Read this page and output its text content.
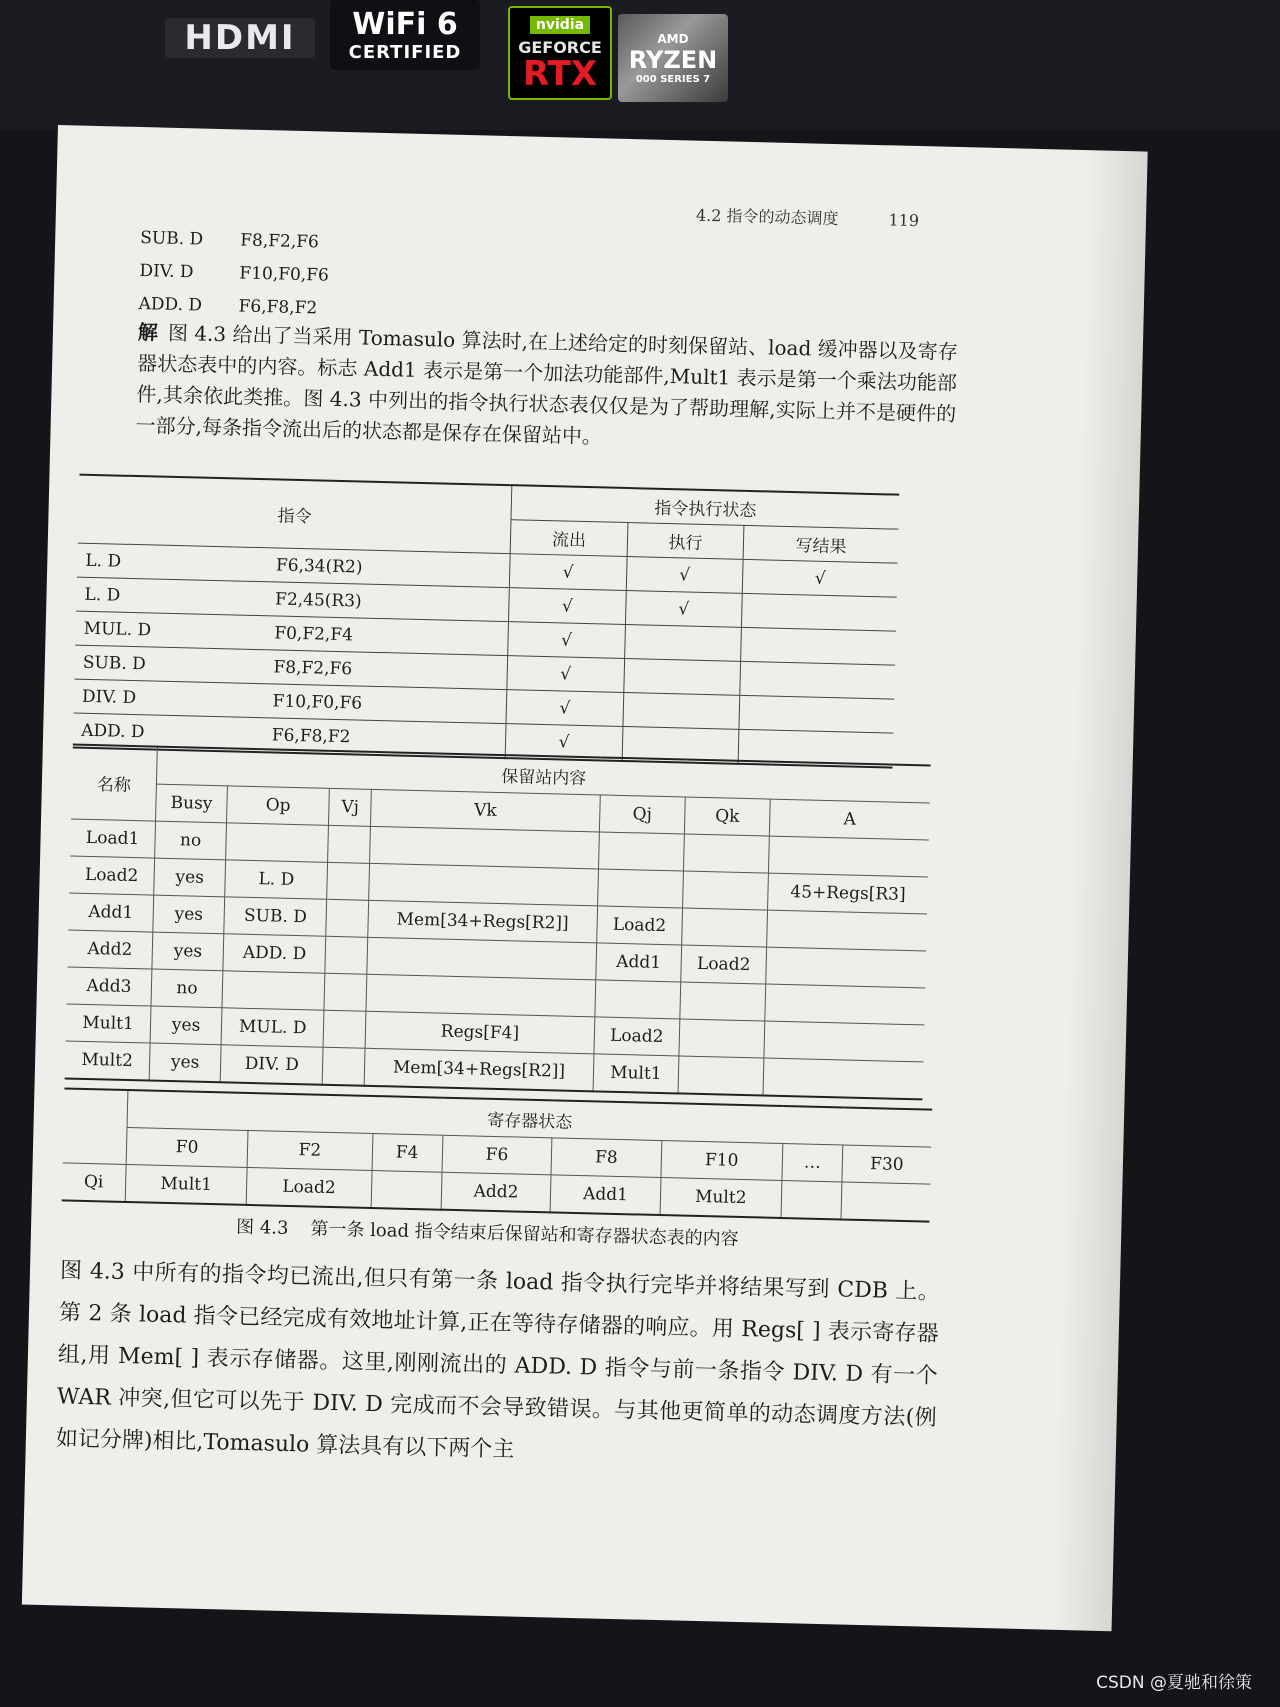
HDMI WiFi 6
CERTIFIED
nvidia
GEFORCE
RTX
AMD
RYZEN
000 SERIES 7
4.2 指令的动态调度	119
SUB. D F8,F2,F6
DIV. D	F10,F0,F6
ADD. D F6,F8,F2
解 图 4.3 给出了当采用 Tomasulo 算法时,在上述给定的时刻保留站、load 缓冲器以及寄存器状态表中的内容。标志 Add1 表示是第一个加法功能部件,Mult1 表示是第一个乘法功能部件,其余依此类推。图 4.3 中列出的指令执行状态表仅仅是为了帮助理解,实际上并不是硬件的一部分,每条指令流出后的状态都是保存在保留站中。
指令		指令执行状态		
		流出	执行	写结果
L. D	F6,34(R2)	√	√	√
L. D	F2,45(R3)	√	√	
MUL. D	F0,F2,F4	√		
SUB. D	F8,F2,F6	√		
DIV. D	F10,F0,F6	√		
ADD. D	F6,F8,F2	√		
名称	保留站内容						
	Busy	Op	Vj	Vk	Qj	Qk	A
Load1	no						
Load2	yes	L. D					45+Regs[R3]
Add1	yes	SUB. D		Mem[34+Regs[R2]]	Load2		
Add2	yes	ADD. D			Add1	Load2	
Add3	no						
Mult1	yes	MUL. D		Regs[F4]	Load2		
Mult2	yes	DIV. D		Mem[34+Regs[R2]]	Mult1		
	寄存器状态							
	F0	F2	F4	F6	F8	F10	…	F30
Qi	Mult1	Load2		Add2	Add1	Mult2		
图 4.3 第一条 load 指令结束后保留站和寄存器状态表的内容
图 4.3 中所有的指令均已流出,但只有第一条 load 指令执行完毕并将结果写到 CDB 上。第 2 条 load 指令已经完成有效地址计算,正在等待存储器的响应。用 Regs[ ] 表示寄存器组,用 Mem[ ] 表示存储器。这里,刚刚流出的 ADD. D 指令与前一条指令 DIV. D 有一个 WAR 冲突,但它可以先于 DIV. D 完成而不会导致错误。与其他更简单的动态调度方法(例如记分牌)相比,Tomasulo 算法具有以下两个主
CSDN @夏驰和徐策
